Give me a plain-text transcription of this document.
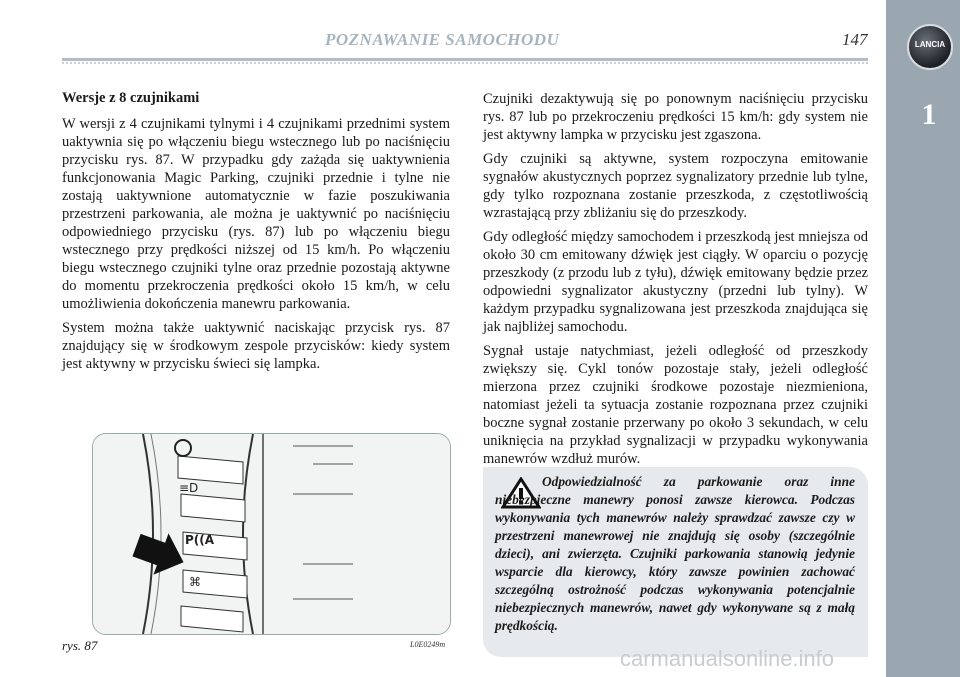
POZNAWANIE SAMOCHODU	147	LANCIA
1
Wersje z 8 czujnikami

W wersji z 4 czujnikami tylnymi i 4 czujnikami przednimi system uaktywnia się po włączeniu biegu wstecznego lub po naciśnięciu przycisku rys. 87. W przypadku gdy zażąda się uaktywnienia funkcjonowania Magic Parking, czujniki przednie i tylne nie zostają uaktywnione automatycznie w fazie poszukiwania przestrzeni parkowania, ale można je uaktywnić po naciśnięciu odpowiedniego przycisku (rys. 87) lub po włączeniu biegu wstecznego przy prędkości niższej od 15 km/h. Po włączeniu biegu wstecznego czujniki tylne oraz przednie pozostają aktywne do momentu przekroczenia prędkości około 15 km/h, w celu umożliwienia dokończenia manewru parkowania.

System można także uaktywnić naciskając przycisk rys. 87 znajdujący się w środkowym zespole przycisków: kiedy system jest aktywny w przycisku świeci się lampka.

≡D
P((A
⌘
rys. 87	L0E0249m

Czujniki dezaktywują się po ponownym naciśnięciu przycisku rys. 87 lub po przekroczeniu prędkości 15 km/h: gdy system nie jest aktywny lampka w przycisku jest zgaszona.

Gdy czujniki są aktywne, system rozpoczyna emitowanie sygnałów akustycznych poprzez sygnalizatory przednie lub tylne, gdy tylko rozpoznana zostanie przeszkoda, z częstotliwością wzrastającą przy zbliżaniu się do przeszkody.

Gdy odległość między samochodem i przeszkodą jest mniejsza od około 30 cm emitowany dźwięk jest ciągły. W oparciu o pozycję przeszkody (z przodu lub z tyłu), dźwięk emitowany będzie przez odpowiedni sygnalizator akustyczny (przedni lub tylny). W każdym przypadku sygnalizowana jest przeszkoda znajdująca się jak najbliżej samochodu.

Sygnał ustaje natychmiast, jeżeli odległość od przeszkody zwiększy się. Cykl tonów pozostaje stały, jeżeli odległość mierzona przez czujniki środkowe pozostaje niezmieniona, natomiast jeżeli ta sytuacja zostanie rozpoznana przez czujniki boczne sygnał zostanie przerwany po około 3 sekundach, w celu uniknięcia na przykład sygnalizacji w przypadku wykonywania manewrów wzdłuż murów.

Odpowiedzialność za parkowanie oraz inne niebezpieczne manewry ponosi zawsze kierowca. Podczas wykonywania tych manewrów należy sprawdzać zawsze czy w przestrzeni manewrowej nie znajdują się osoby (szczególnie dzieci), ani zwierzęta. Czujniki parkowania stanowią jedynie wsparcie dla kierowcy, który zawsze powinien zachować szczególną ostrożność podczas wykonywania potencjalnie niebezpiecznych manewrów, nawet gdy wykonywane są z małą prędkością.

carmanualsonline.info
